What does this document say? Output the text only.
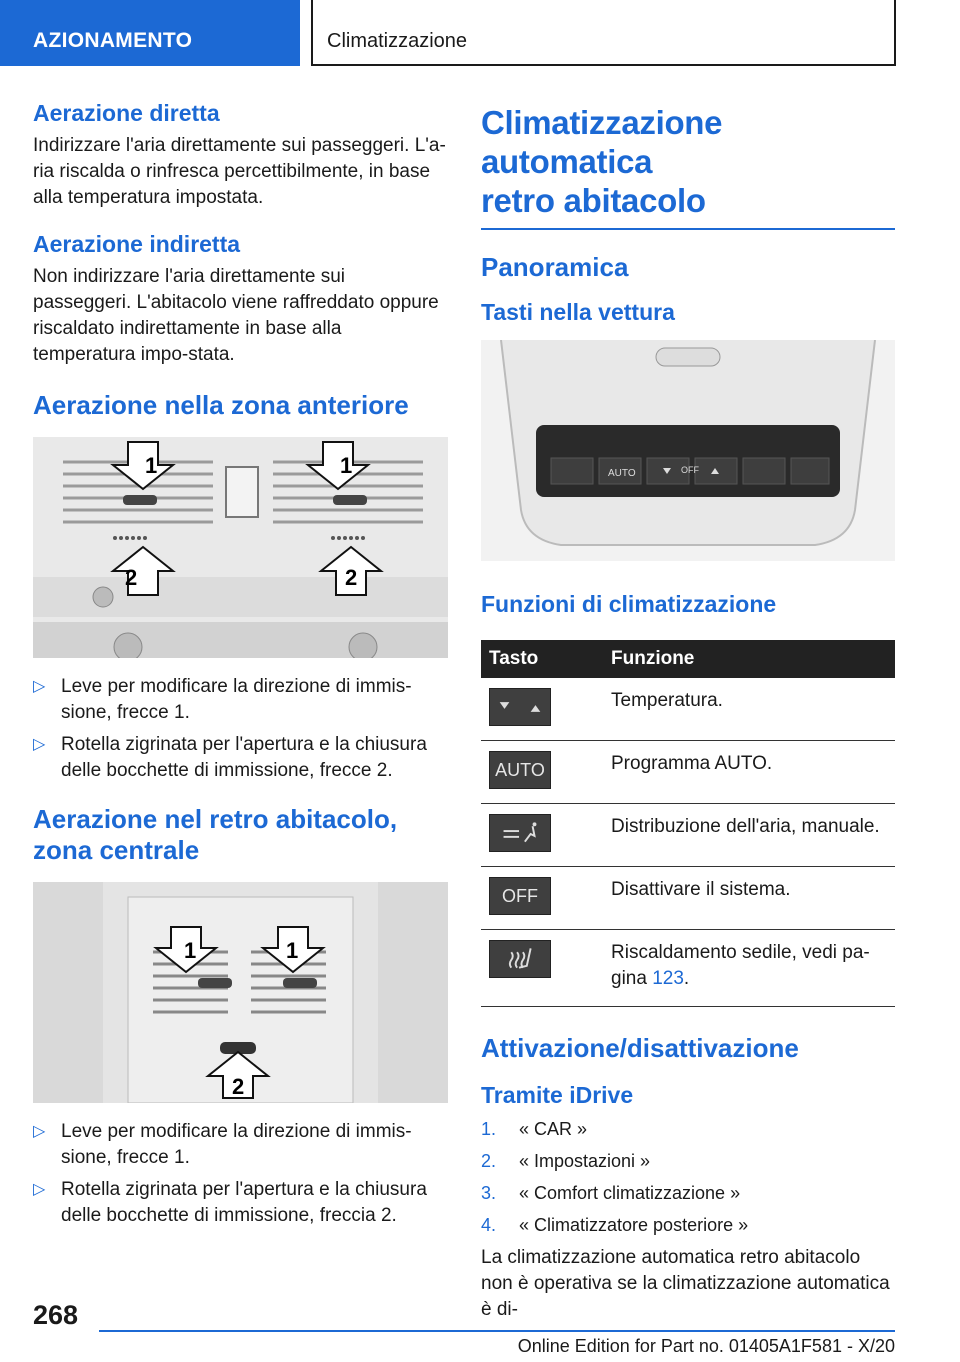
AZIONAMENTO	Climatizzazione
Aerazione diretta

Indirizzare l'aria direttamente sui passeggeri. L'a-ria riscalda o rinfresca percettibilmente, in base alla temperatura impostata.

Aerazione indiretta

Non indirizzare l'aria direttamente sui passeggeri. L'abitacolo viene raffreddato oppure riscaldato indirettamente in base alla temperatura impo-stata.

Aerazione nella zona anteriore
1	1
2	2
▷ Leve per modificare la direzione di immis-sione, frecce 1.
▷ Rotella zigrinata per l'apertura e la chiusura delle bocchette di immissione, frecce 2.
Aerazione nel retro abitacolo,
zona centrale
1	1
2
▷ Leve per modificare la direzione di immis-sione, frecce 1.
▷ Rotella zigrinata per l'apertura e la chiusura delle bocchette di immissione, freccia 2.
Climatizzazione automatica
retro abitacolo
Panoramica
Tasti nella vettura
AUTO	OFF
Funzioni di climatizzazione
Tasto	Funzione

	Temperatura.

AUTO	Programma AUTO.

	Distribuzione dell'aria, manuale.

OFF	Disattivare il sistema.

	Riscaldamento sedile, vedi pa-gina 123.
Attivazione/disattivazione
Tramite iDrive
1. « CAR »
2. « Impostazioni »
3. « Comfort climatizzazione »
4. « Climatizzatore posteriore »

La climatizzazione automatica retro abitacolo non è operativa se la climatizzazione automatica è di-

268
Online Edition for Part no. 01405A1F581 - X/20
